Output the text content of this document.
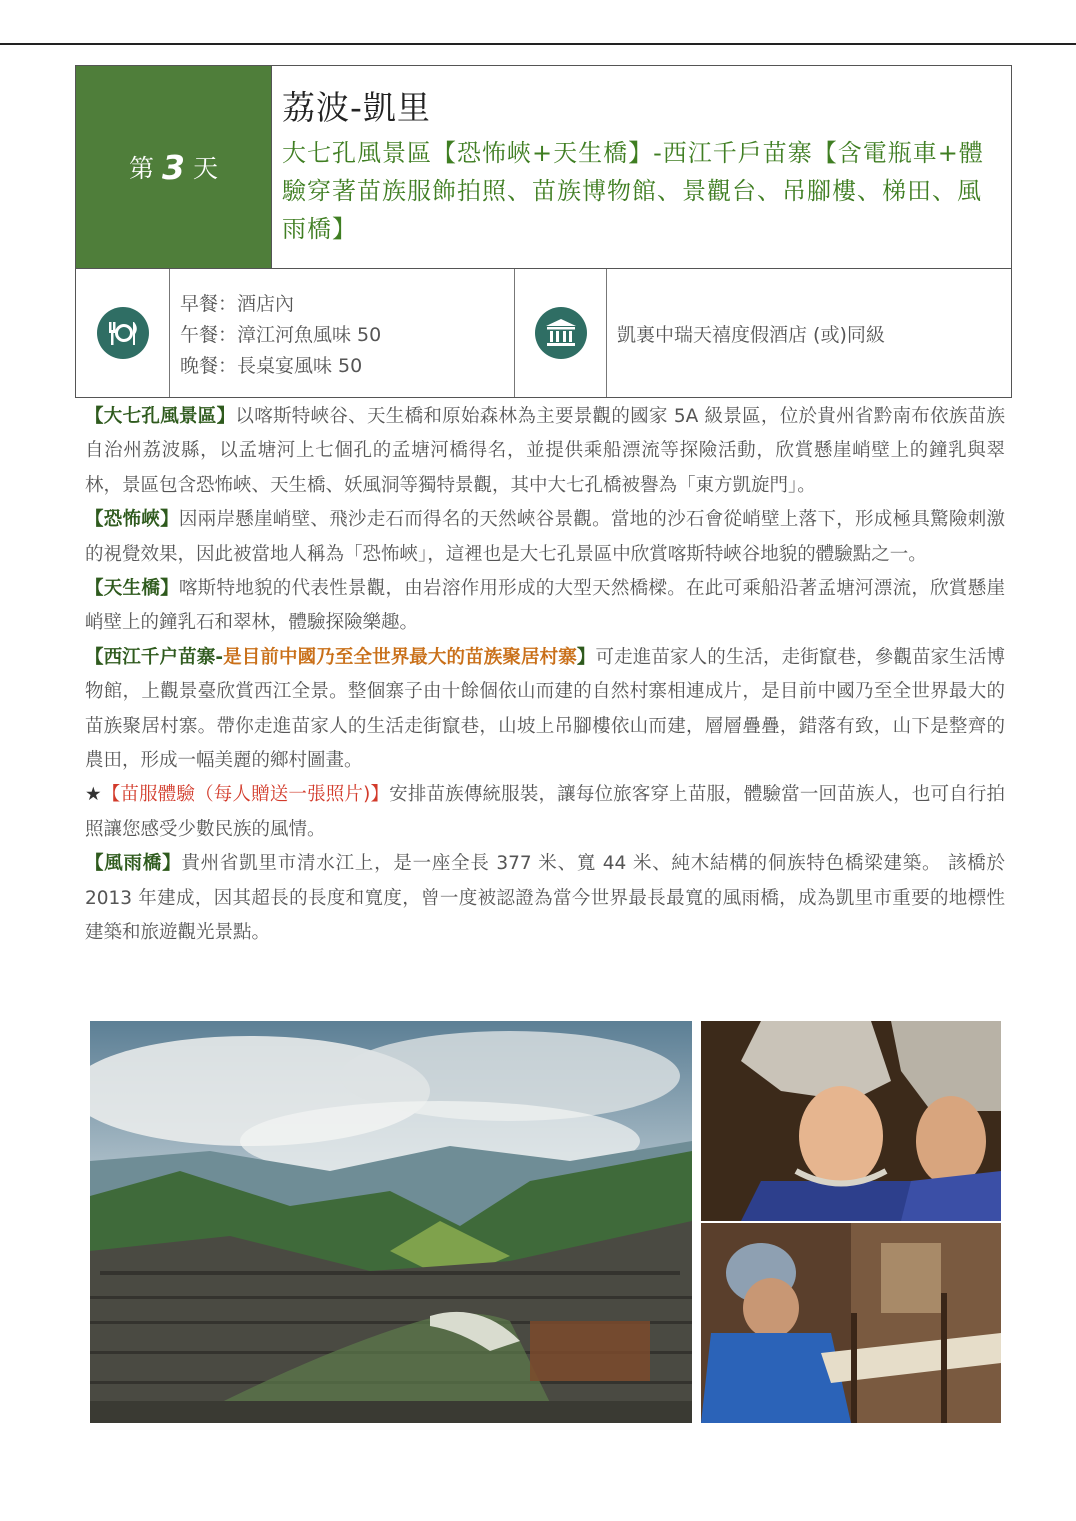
第 3 天
荔波-凱里
大七孔風景區【恐怖峽+天生橋】-西江千戶苗寨【含電瓶車+體驗穿著苗族服飾拍照、苗族博物館、景觀台、吊腳樓、梯田、風雨橋】
早餐：酒店內
午餐：漳江河魚風味 50
晚餐：長桌宴風味 50
凱裏中瑞天禧度假酒店 (或)同級

【大七孔風景區】以喀斯特峽谷、天生橋和原始森林為主要景觀的國家 5A 級景區，位於貴州省黔南布依族苗族自治州荔波縣，以孟塘河上七個孔的孟塘河橋得名，並提供乘船漂流等探險活動，欣賞懸崖峭壁上的鐘乳與翠林，景區包含恐怖峽、天生橋、妖風洞等獨特景觀，其中大七孔橋被譽為「東方凱旋門」。

【恐怖峽】因兩岸懸崖峭壁、飛沙走石而得名的天然峽谷景觀。當地的沙石會從峭壁上落下，形成極具驚險刺激的視覺效果，因此被當地人稱為「恐怖峽」，這裡也是大七孔景區中欣賞喀斯特峽谷地貌的體驗點之一。

【天生橋】喀斯特地貌的代表性景觀，由岩溶作用形成的大型天然橋樑。在此可乘船沿著孟塘河漂流，欣賞懸崖峭壁上的鐘乳石和翠林，體驗探險樂趣。

【西江千户苗寨-是目前中國乃至全世界最大的苗族聚居村寨】可走進苗家人的生活，走街竄巷，參觀苗家生活博物館，上觀景臺欣賞西江全景。整個寨子由十餘個依山而建的自然村寨相連成片，是目前中國乃至全世界最大的苗族聚居村寨。帶你走進苗家人的生活走街竄巷，山坡上吊腳樓依山而建，層層疊疊，錯落有致，山下是整齊的農田，形成一幅美麗的鄉村圖畫。

★【苗服體驗（每人贈送一張照片)】安排苗族傳統服裝，讓每位旅客穿上苗服，體驗當一回苗族人，也可自行拍照讓您感受少數民族的風情。

【風雨橋】貴州省凱里市清水江上，是一座全長 377 米、寬 44 米、純木結構的侗族特色橋梁建築。 該橋於 2013 年建成，因其超長的長度和寬度，曾一度被認證為當今世界最長最寬的風雨橋，成為凱里市重要的地標性建築和旅遊觀光景點。
